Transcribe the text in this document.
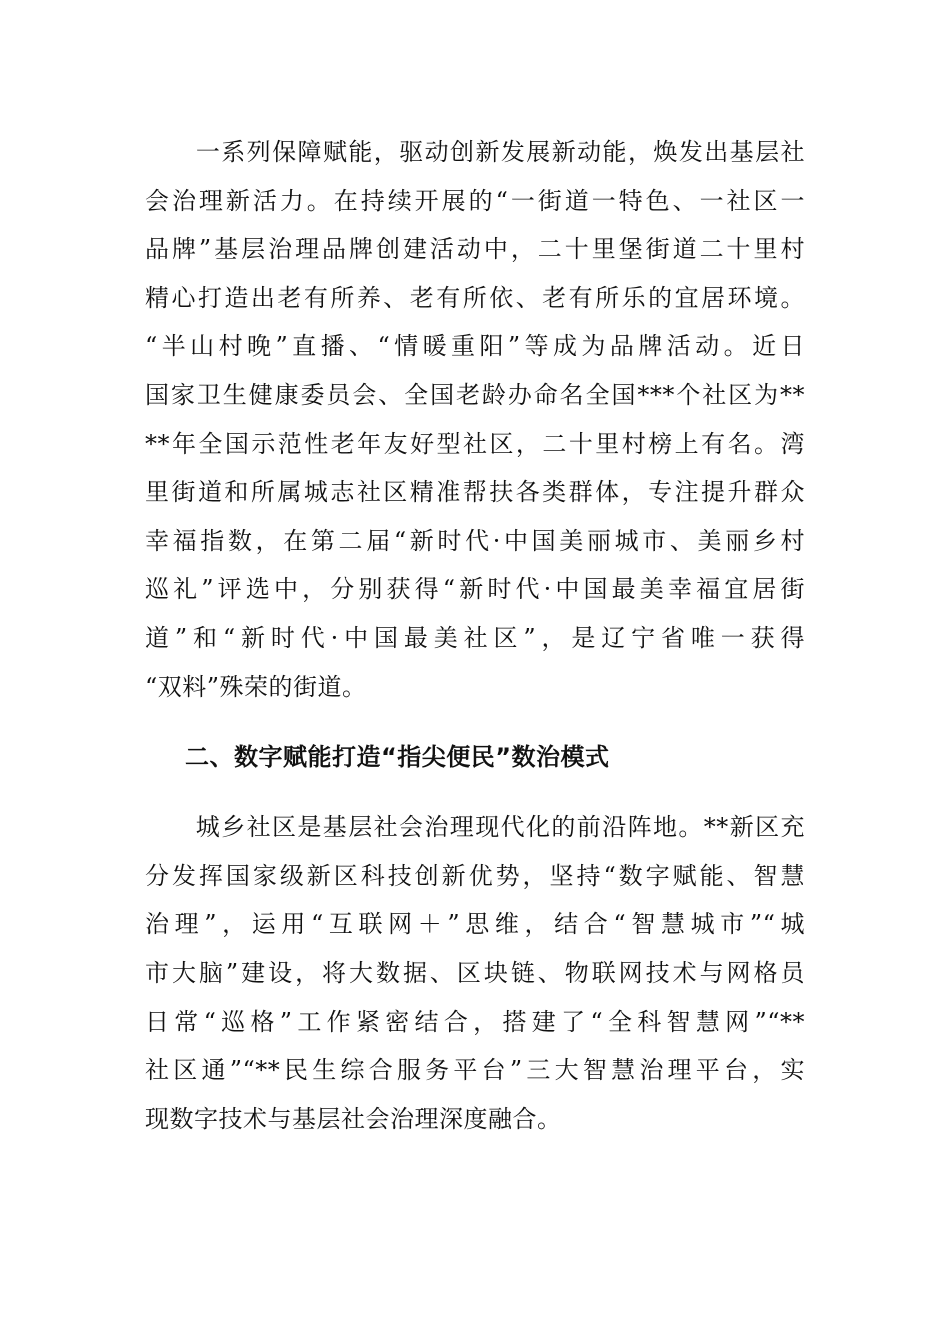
　　一系列保障赋能，驱动创新发展新动能，焕发出基层社
会治理新活力。在持续开展的“一街道一特色、一社区一
品牌”基层治理品牌创建活动中，二十里堡街道二十里村
精心打造出老有所养、老有所依、老有所乐的宜居环境。
“半山村晚”直播、“情暖重阳”等成为品牌活动。近日
国家卫生健康委员会、全国老龄办命名全国***个社区为**
**年全国示范性老年友好型社区，二十里村榜上有名。湾
里街道和所属城志社区精准帮扶各类群体，专注提升群众
幸福指数，在第二届“新时代·中国美丽城市、美丽乡村
巡礼”评选中，分别获得“新时代·中国最美幸福宜居街
道”和“新时代·中国最美社区”，是辽宁省唯一获得
“双料”殊荣的街道。
二、数字赋能打造“指尖便民”数治模式
　　城乡社区是基层社会治理现代化的前沿阵地。**新区充
分发挥国家级新区科技创新优势，坚持“数字赋能、智慧
治理”，运用“互联网＋”思维，结合“智慧城市”“城
市大脑”建设，将大数据、区块链、物联网技术与网格员
日常“巡格”工作紧密结合，搭建了“全科智慧网”“**
社区通”“**民生综合服务平台”三大智慧治理平台，实
现数字技术与基层社会治理深度融合。
